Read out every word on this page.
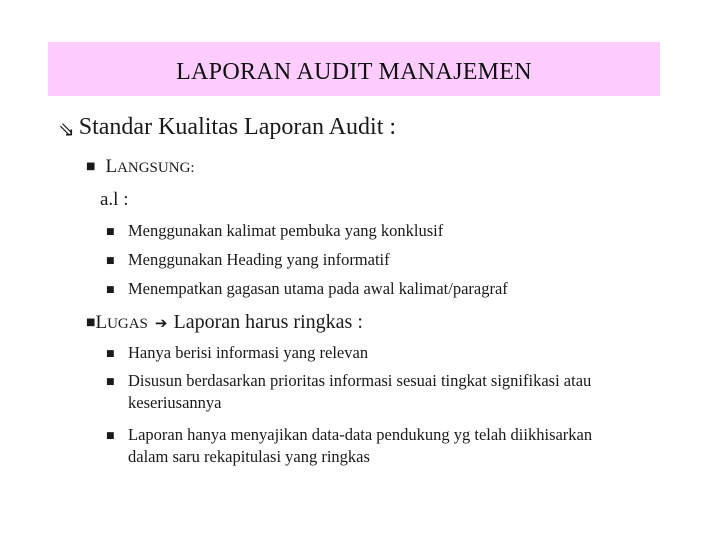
LAPORAN AUDIT MANAJEMEN
⇘ Standar Kualitas Laporan Audit :
■ L ANGSUNG :
a.l :
■ Menggunakan kalimat pembuka yang konklusif
■ Menggunakan Heading yang informatif
■ Menempatkan gagasan utama pada awal kalimat/paragraf
■ L UGAS ➔ Laporan harus ringkas :
■ Hanya berisi informasi yang relevan
■ Disusun berdasarkan prioritas informasi sesuai tingkat signifikasi atau keseriusannya
■ Laporan hanya menyajikan data-data pendukung yg telah diikhisarkan dalam saru rekapitulasi yang ringkas
